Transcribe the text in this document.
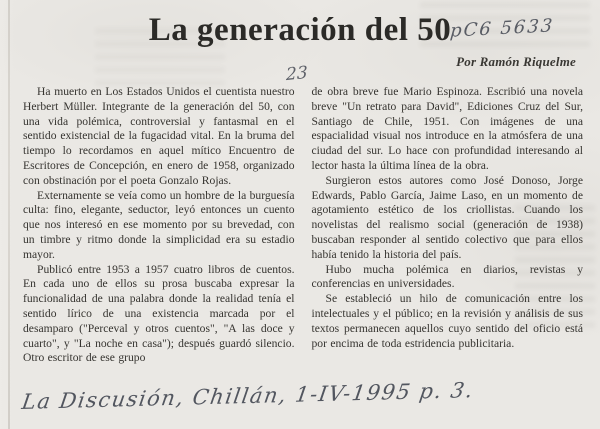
La generación del 50
pC6 5633
Por Ramón Riquelme
23

Ha muerto en Los Estados Unidos el cuentista nuestro Herbert Müller. Integrante de la generación del 50, con una vida polémica, controversial y fantasmal en el sentido existencial de la fugacidad vital. En la bruma del tiempo lo recordamos en aquel mítico Encuentro de Escritores de Concepción, en enero de 1958, organizado con obstinación por el poeta Gonzalo Rojas.

Externamente se veía como un hombre de la burguesía culta: fino, elegante, seductor, leyó entonces un cuento que nos interesó en ese momento por su brevedad, con un timbre y ritmo donde la simplicidad era su estadio mayor.

Publicó entre 1953 a 1957 cuatro libros de cuentos. En cada uno de ellos su prosa buscaba expresar la funcionalidad de una palabra donde la realidad tenía el sentido lírico de una existencia marcada por el desamparo ("Perceval y otros cuentos", "A las doce y cuarto", y "La noche en casa"); después guardó silencio. Otro escritor de ese grupo

de obra breve fue Mario Espinoza. Escribió una novela breve "Un retrato para David", Ediciones Cruz del Sur, Santiago de Chile, 1951. Con imágenes de una espacialidad visual nos introduce en la atmósfera de una ciudad del sur. Lo hace con profundidad interesando al lector hasta la última línea de la obra.

Surgieron estos autores como José Donoso, Jorge Edwards, Pablo García, Jaime Laso, en un momento de agotamiento estético de los criollistas. Cuando los novelistas del realismo social (generación de 1938) buscaban responder al sentido colectivo que para ellos había tenido la historia del país.

Hubo mucha polémica en diarios, revistas y conferencias en universidades.

Se estableció un hilo de comunicación entre los intelectuales y el público; en la revisión y análisis de sus textos permanecen aquellos cuyo sentido del oficio está por encima de toda estridencia publicitaria.

La Discusión, Chillán, 1-IV-1995 p. 3.
